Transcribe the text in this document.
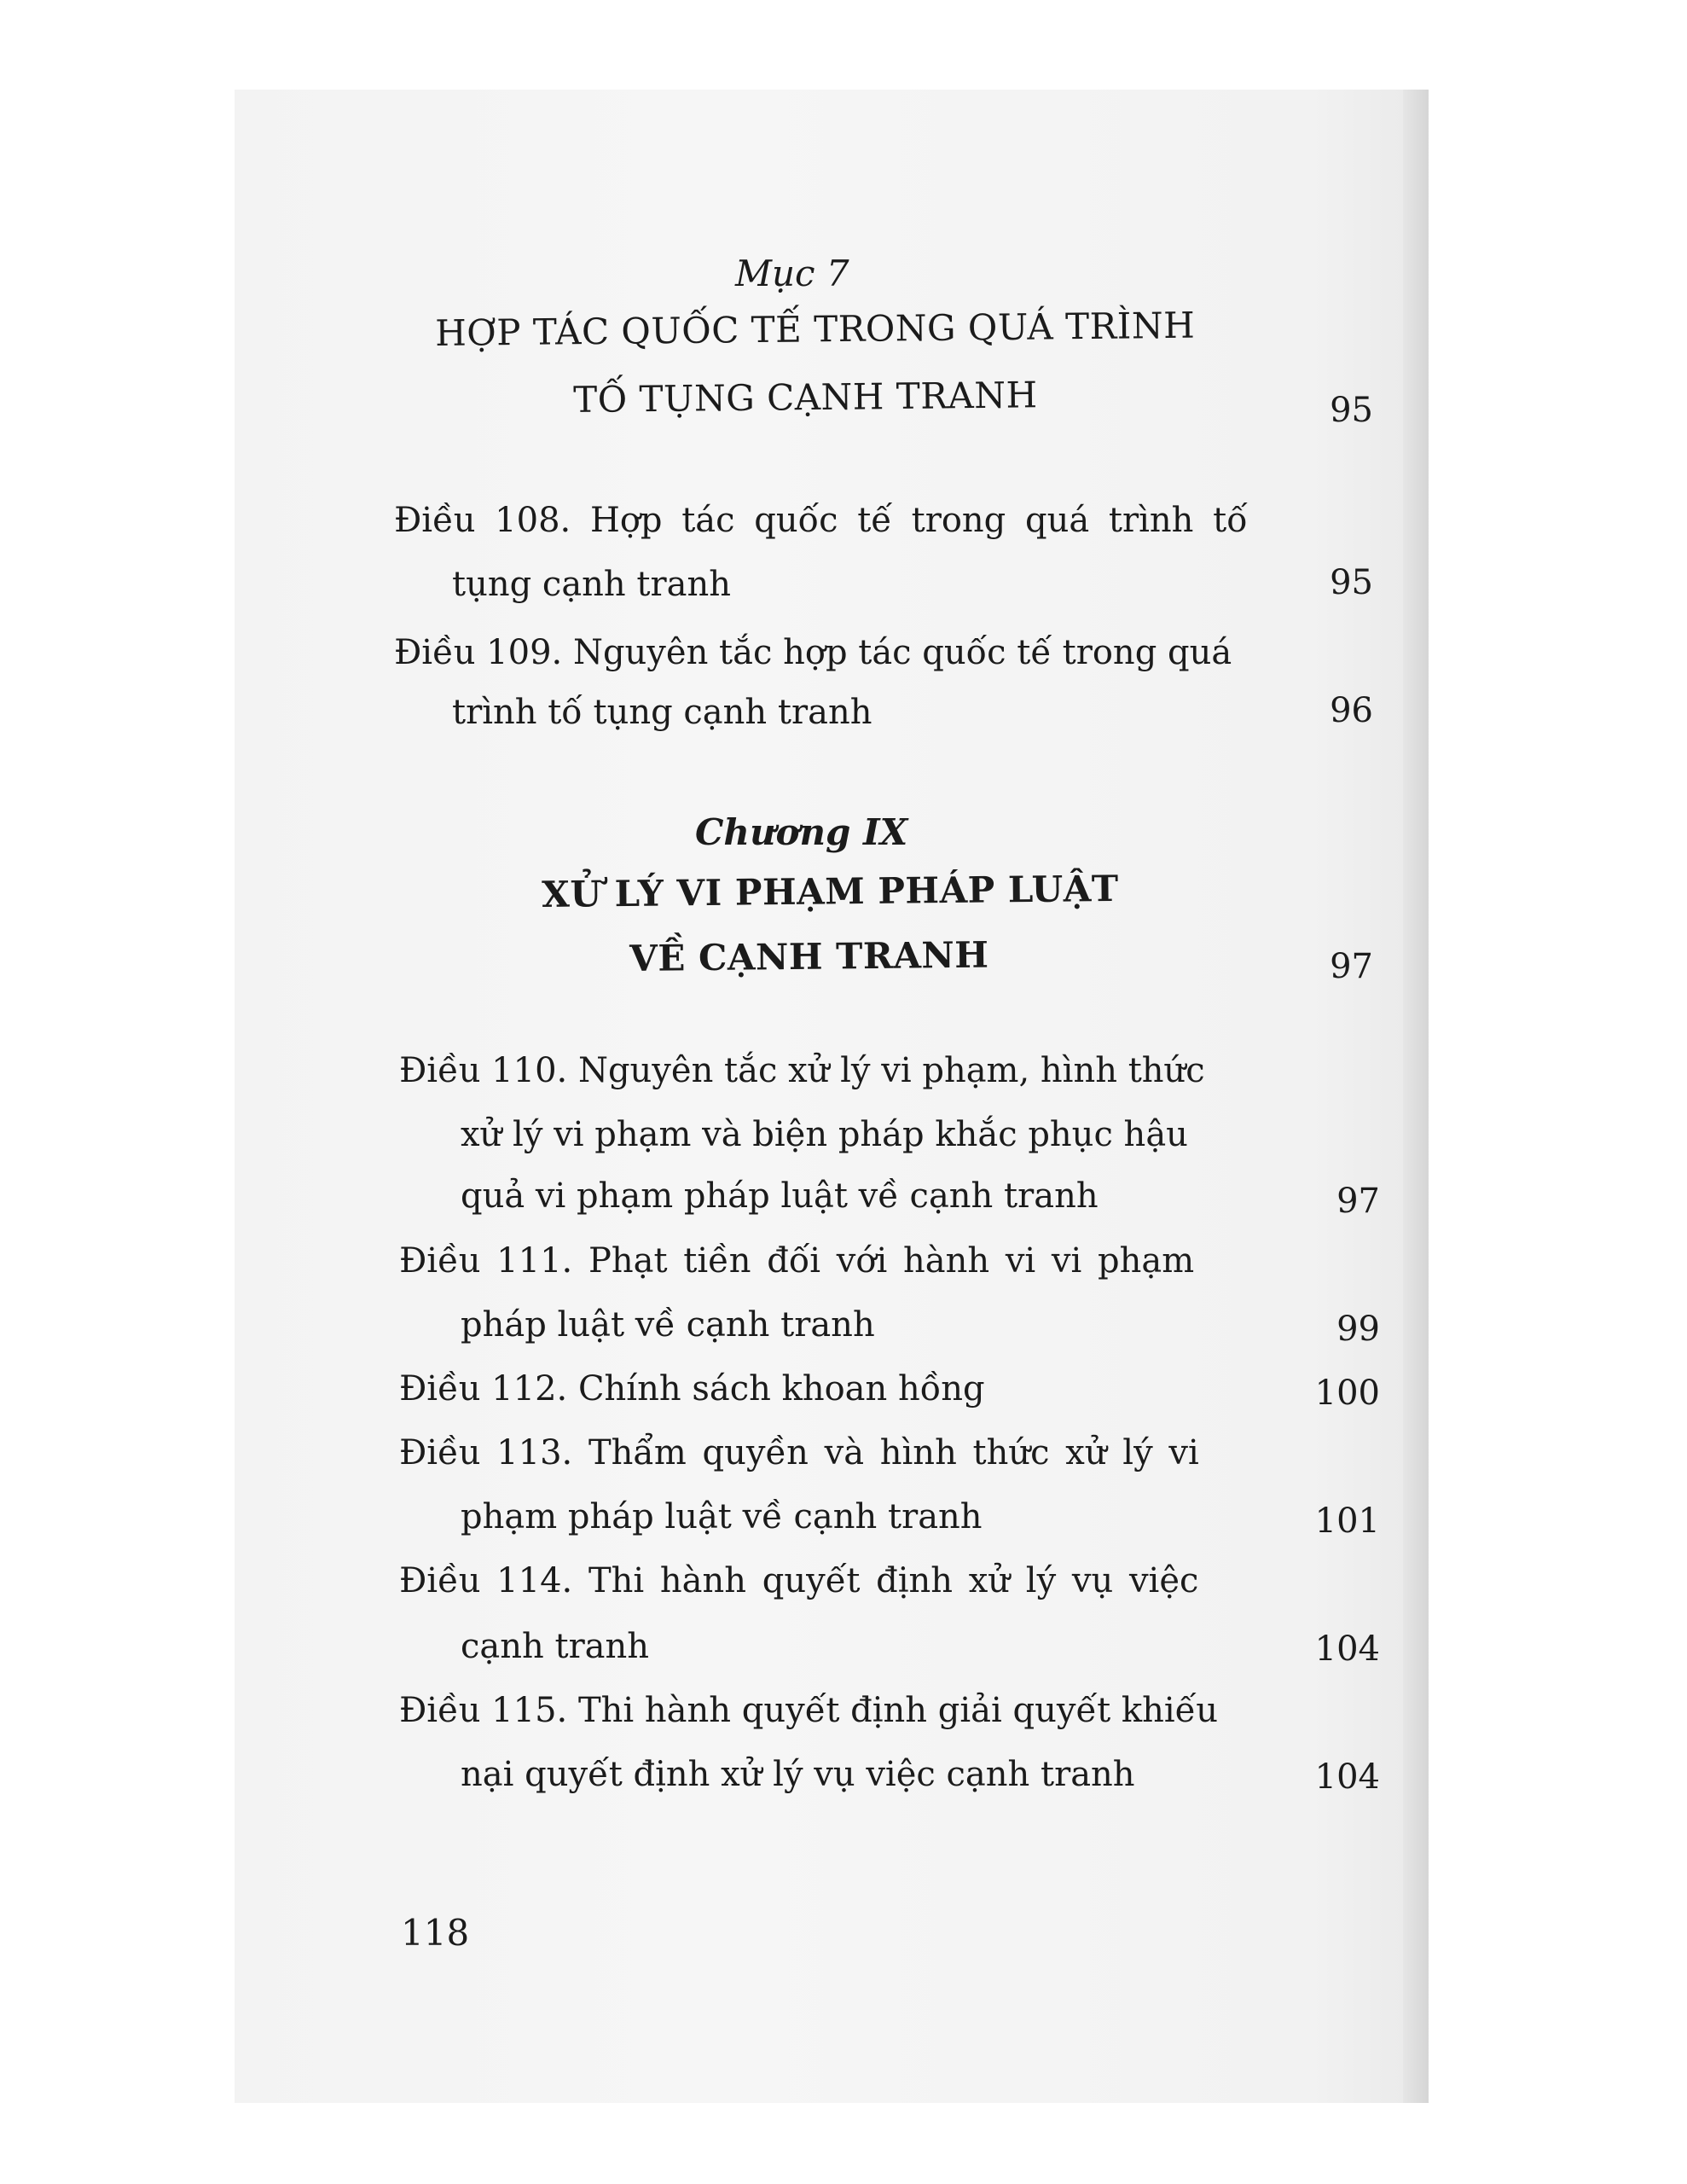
Mục 7
HỢP TÁC QUỐC TẾ TRONG QUÁ TRÌNH
TỐ TỤNG CẠNH TRANH	95
Điều 108. Hợp tác quốc tế trong quá trình tố
tụng cạnh tranh	95
Điều 109. Nguyên tắc hợp tác quốc tế trong quá
trình tố tụng cạnh tranh	96
Chương IX
XỬ LÝ VI PHẠM PHÁP LUẬT
VỀ CẠNH TRANH	97
Điều 110. Nguyên tắc xử lý vi phạm, hình thức
xử lý vi phạm và biện pháp khắc phục hậu
quả vi phạm pháp luật về cạnh tranh	97
Điều 111. Phạt tiền đối với hành vi vi phạm
pháp luật về cạnh tranh	99
Điều 112. Chính sách khoan hồng	100
Điều 113. Thẩm quyền và hình thức xử lý vi
phạm pháp luật về cạnh tranh	101
Điều 114. Thi hành quyết định xử lý vụ việc
cạnh tranh	104
Điều 115. Thi hành quyết định giải quyết khiếu
nại quyết định xử lý vụ việc cạnh tranh	104
118
